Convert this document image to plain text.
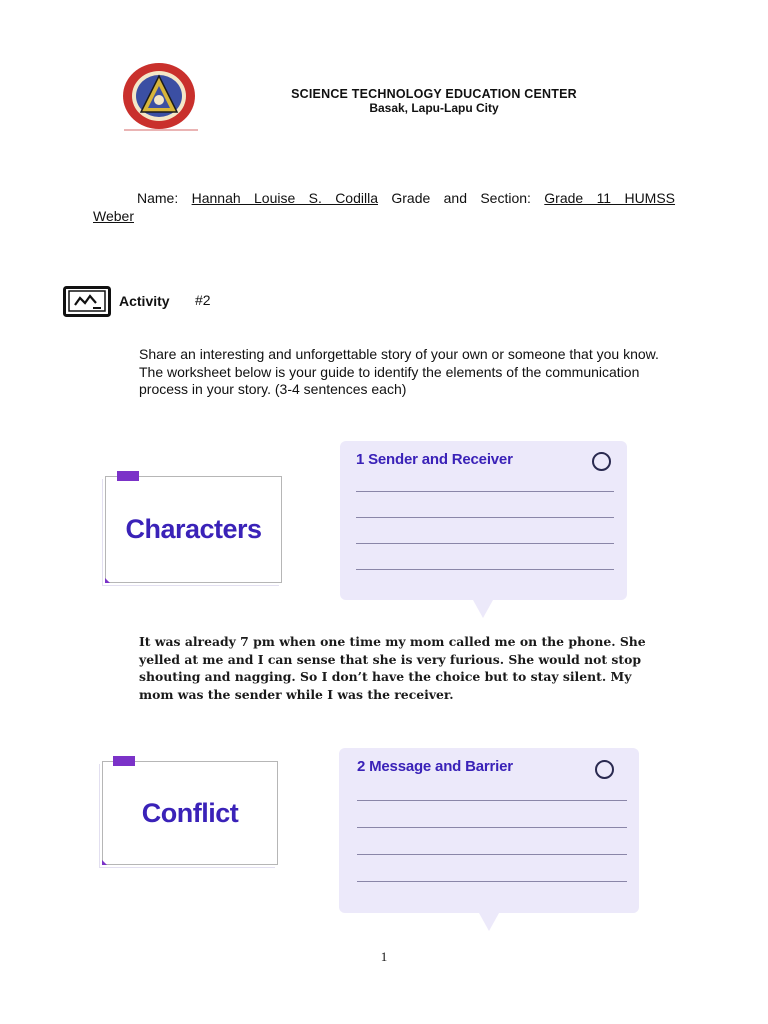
SCIENCE TECHNOLOGY EDUCATION CENTER
Basak, Lapu-Lapu City
Name: Hannah Louise S. Codilla Grade and Section: Grade 11 HUMSS
Weber
Activity #2
Share an interesting and unforgettable story of your own or someone that you know. The worksheet below is your guide to identify the elements of the communication process in your story. (3-4 sentences each)
Characters
1 Sender and Receiver
It was already 7 pm when one time my mom called me on the phone. She yelled at me and I can sense that she is very furious. She would not stop shouting and nagging. So I don’t have the choice but to stay silent. My mom was the sender while I was the receiver.
Conflict
2 Message and Barrier
1
